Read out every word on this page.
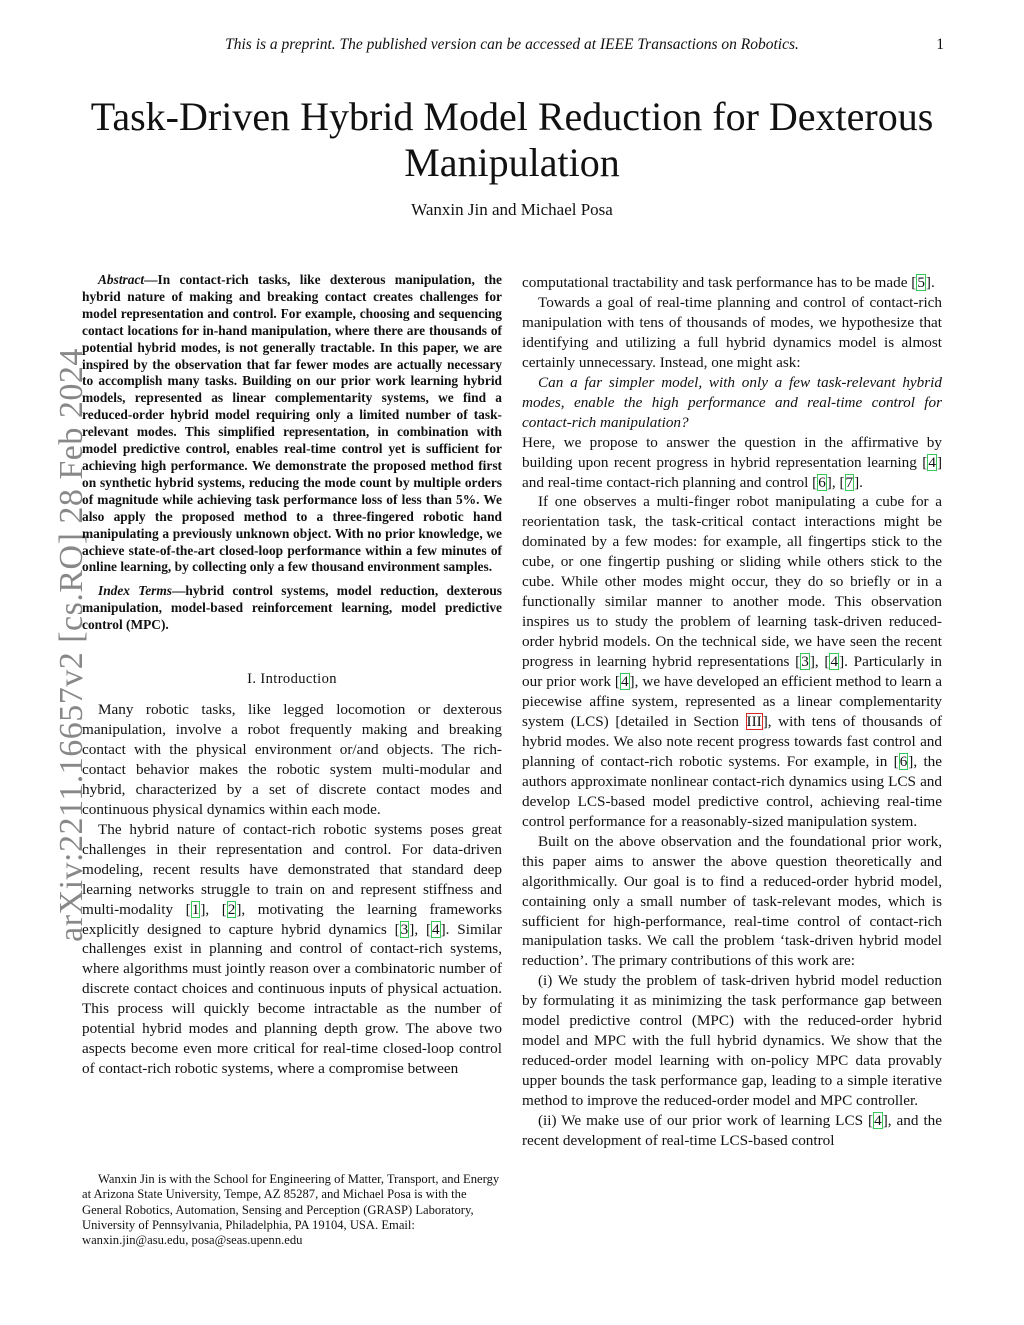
This is a preprint. The published version can be accessed at IEEE Transactions on Robotics.	1
Task-Driven Hybrid Model Reduction for Dexterous Manipulation
Wanxin Jin and Michael Posa
arXiv:2211.16657v2 [cs.RO] 28 Feb 2024

Abstract—In contact-rich tasks, like dexterous manipulation, the hybrid nature of making and breaking contact creates challenges for model representation and control. For example, choosing and sequencing contact locations for in-hand manipulation, where there are thousands of potential hybrid modes, is not generally tractable. In this paper, we are inspired by the observation that far fewer modes are actually necessary to accomplish many tasks. Building on our prior work learning hybrid models, represented as linear complementarity systems, we find a reduced-order hybrid model requiring only a limited number of task-relevant modes. This simplified representation, in combination with model predictive control, enables real-time control yet is sufficient for achieving high performance. We demonstrate the proposed method first on synthetic hybrid systems, reducing the mode count by multiple orders of magnitude while achieving task performance loss of less than 5%. We also apply the proposed method to a three-fingered robotic hand manipulating a previously unknown object. With no prior knowledge, we achieve state-of-the-art closed-loop performance within a few minutes of online learning, by collecting only a few thousand environment samples.

Index Terms—hybrid control systems, model reduction, dexterous manipulation, model-based reinforcement learning, model predictive control (MPC).

I. Introduction

Many robotic tasks, like legged locomotion or dexterous manipulation, involve a robot frequently making and breaking contact with the physical environment or/and objects. The rich-contact behavior makes the robotic system multi-modular and hybrid, characterized by a set of discrete contact modes and continuous physical dynamics within each mode.

The hybrid nature of contact-rich robotic systems poses great challenges in their representation and control. For data-driven modeling, recent results have demonstrated that standard deep learning networks struggle to train on and represent stiffness and multi-modality [1], [2], motivating the learning frameworks explicitly designed to capture hybrid dynamics [3], [4]. Similar challenges exist in planning and control of contact-rich systems, where algorithms must jointly reason over a combinatoric number of discrete contact choices and continuous inputs of physical actuation. This process will quickly become intractable as the number of potential hybrid modes and planning depth grow. The above two aspects become even more critical for real-time closed-loop control of contact-rich robotic systems, where a compromise between

Wanxin Jin is with the School for Engineering of Matter, Transport, and Energy at Arizona State University, Tempe, AZ 85287, and Michael Posa is with the General Robotics, Automation, Sensing and Perception (GRASP) Laboratory, University of Pennsylvania, Philadelphia, PA 19104, USA. Email: wanxin.jin@asu.edu, posa@seas.upenn.edu

computational tractability and task performance has to be made [5].

Towards a goal of real-time planning and control of contact-rich manipulation with tens of thousands of modes, we hypothesize that identifying and utilizing a full hybrid dynamics model is almost certainly unnecessary. Instead, one might ask:

Can a far simpler model, with only a few task-relevant hybrid modes, enable the high performance and real-time control for contact-rich manipulation?

Here, we propose to answer the question in the affirmative by building upon recent progress in hybrid representation learning [4] and real-time contact-rich planning and control [6], [7].

If one observes a multi-finger robot manipulating a cube for a reorientation task, the task-critical contact interactions might be dominated by a few modes: for example, all fingertips stick to the cube, or one fingertip pushing or sliding while others stick to the cube. While other modes might occur, they do so briefly or in a functionally similar manner to another mode. This observation inspires us to study the problem of learning task-driven reduced-order hybrid models. On the technical side, we have seen the recent progress in learning hybrid representations [3], [4]. Particularly in our prior work [4], we have developed an efficient method to learn a piecewise affine system, represented as a linear complementarity system (LCS) [detailed in Section III], with tens of thousands of hybrid modes. We also note recent progress towards fast control and planning of contact-rich robotic systems. For example, in [6], the authors approximate nonlinear contact-rich dynamics using LCS and develop LCS-based model predictive control, achieving real-time control performance for a reasonably-sized manipulation system.

Built on the above observation and the foundational prior work, this paper aims to answer the above question theoretically and algorithmically. Our goal is to find a reduced-order hybrid model, containing only a small number of task-relevant modes, which is sufficient for high-performance, real-time control of contact-rich manipulation tasks. We call the problem ‘task-driven hybrid model reduction’. The primary contributions of this work are:

(i) We study the problem of task-driven hybrid model reduction by formulating it as minimizing the task performance gap between model predictive control (MPC) with the reduced-order hybrid model and MPC with the full hybrid dynamics. We show that the reduced-order model learning with on-policy MPC data provably upper bounds the task performance gap, leading to a simple iterative method to improve the reduced-order model and MPC controller.

(ii) We make use of our prior work of learning LCS [4], and the recent development of real-time LCS-based control
